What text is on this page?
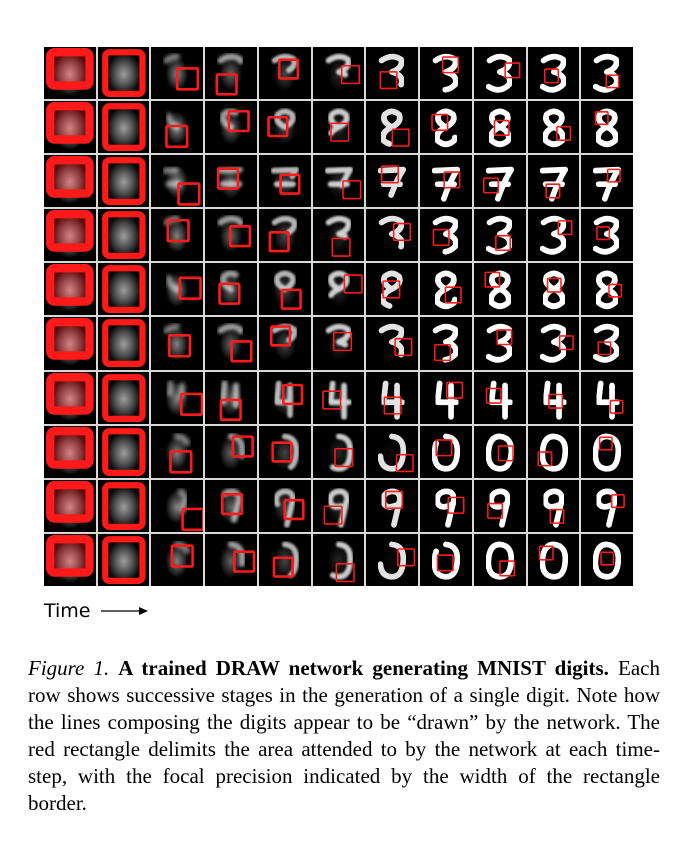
Time
Figure 1. A trained DRAW network generating MNIST digits. Each row shows successive stages in the generation of a single digit. Note how the lines composing the digits appear to be “drawn” by the network. The red rectangle delimits the area attended to by the network at each time-step, with the focal precision indicated by the width of the rectangle border.
